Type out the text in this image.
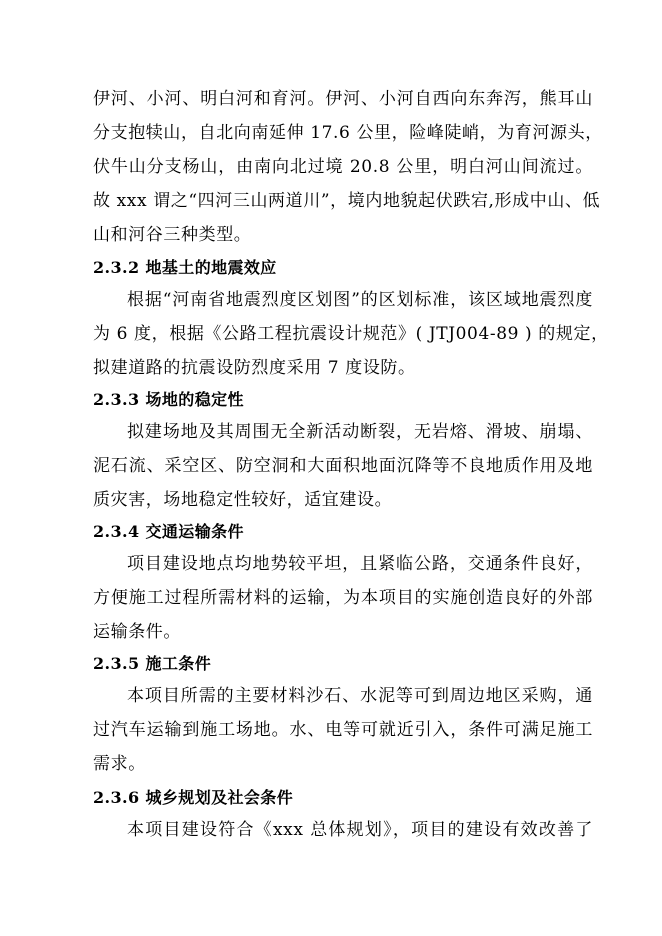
伊河、小河、明白河和育河。伊河、小河自西向东奔泻，熊耳山
分支抱犊山，自北向南延伸 17.6 公里，险峰陡峭，为育河源头，
伏牛山分支杨山，由南向北过境 20.8 公里，明白河山间流过。
故 xxx 谓之“四河三山两道川”，境内地貌起伏跌宕,形成中山、低
山和河谷三种类型。
2.3.2 地基土的地震效应
根据“河南省地震烈度区划图”的区划标准，该区域地震烈度
为 6 度，根据《公路工程抗震设计规范》( JTJ004-89 ) 的规定，
拟建道路的抗震设防烈度采用 7 度设防。
2.3.3 场地的稳定性
拟建场地及其周围无全新活动断裂，无岩熔、滑坡、崩塌、
泥石流、采空区、防空洞和大面积地面沉降等不良地质作用及地
质灾害，场地稳定性较好，适宜建设。
2.3.4 交通运输条件
项目建设地点均地势较平坦，且紧临公路，交通条件良好，
方便施工过程所需材料的运输，为本项目的实施创造良好的外部
运输条件。
2.3.5 施工条件
本项目所需的主要材料沙石、水泥等可到周边地区采购，通
过汽车运输到施工场地。水、电等可就近引入，条件可满足施工
需求。
2.3.6 城乡规划及社会条件
本项目建设符合《xxx 总体规划》，项目的建设有效改善了
